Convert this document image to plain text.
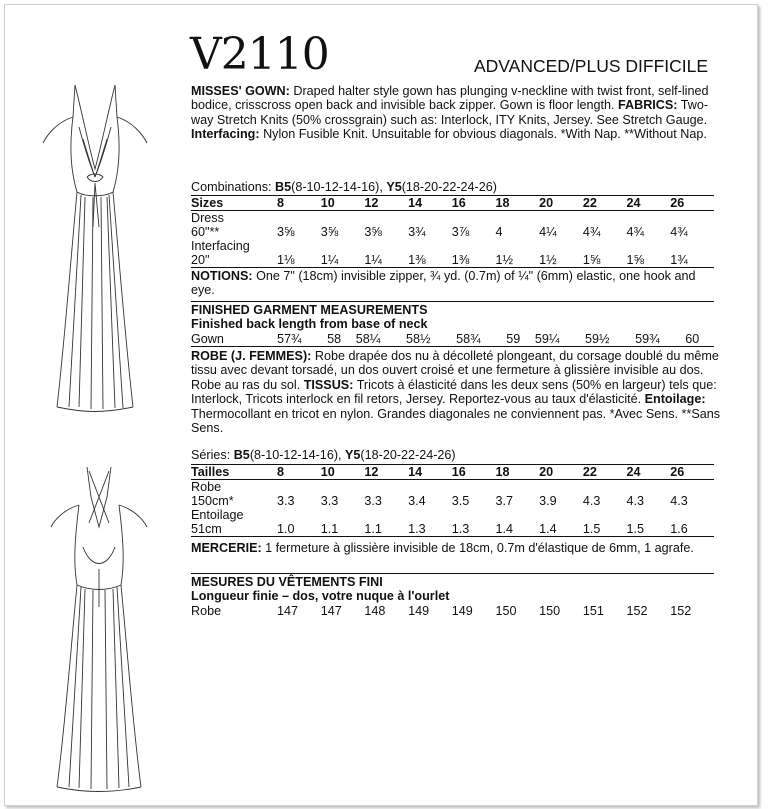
V2110	ADVANCED/PLUS DIFFICILE
MISSES' GOWN: Draped halter style gown has plunging v-neckline with twist front, self-lined bodice, crisscross open back and invisible back zipper. Gown is floor length. FABRICS: Two-way Stretch Knits (50% crossgrain) such as: Interlock, ITY Knits, Jersey. See Stretch Gauge. Interfacing: Nylon Fusible Knit. Unsuitable for obvious diagonals. *With Nap. **Without Nap.
Combinations: B5(8-10-12-14-16), Y5(18-20-22-24-26)
Sizes	8	10	12	14	16	18	20	22	24	26
Dress										
60"**	3⅝	3⅝	3⅝	3¾	3⅞	4	4¼	4¾	4¾	4¾
Interfacing										
20"	1⅛	1¼	1¼	1⅜	1⅜	1½	1½	1⅝	1⅝	1¾
NOTIONS: One 7" (18cm) invisible zipper, ¾ yd. (0.7m) of ¼" (6mm) elastic, one hook and eye.
FINISHED GARMENT MEASUREMENTS
Finished back length from base of neck
Gown	57¾	58	58¼	58½	58¾	59	59¼	59½	59¾	60
ROBE (J. FEMMES): Robe drapée dos nu à décolleté plongeant, du corsage doublé du même tissu avec devant torsadé, un dos ouvert croisé et une fermeture à glissière invisible au dos. Robe au ras du sol. TISSUS: Tricots à élasticité dans les deux sens (50% en largeur) tels que: Interlock, Tricots interlock en fil retors, Jersey. Reportez-vous au taux d'élasticité. Entoilage: Thermocollant en tricot en nylon. Grandes diagonales ne conviennent pas. *Avec Sens. **Sans Sens.
Séries: B5(8-10-12-14-16), Y5(18-20-22-24-26)
Tailles	8	10	12	14	16	18	20	22	24	26
Robe										
150cm*	3.3	3.3	3.3	3.4	3.5	3.7	3.9	4.3	4.3	4.3
Entoilage										
51cm	1.0	1.1	1.1	1.3	1.3	1.4	1.4	1.5	1.5	1.6
MERCERIE: 1 fermeture à glissière invisible de 18cm, 0.7m d'élastique de 6mm, 1 agrafe.
MESURES DU VÊTEMENTS FINI
Longueur finie – dos, votre nuque à l'ourlet
Robe	147	147	148	149	149	150	150	151	152	152
